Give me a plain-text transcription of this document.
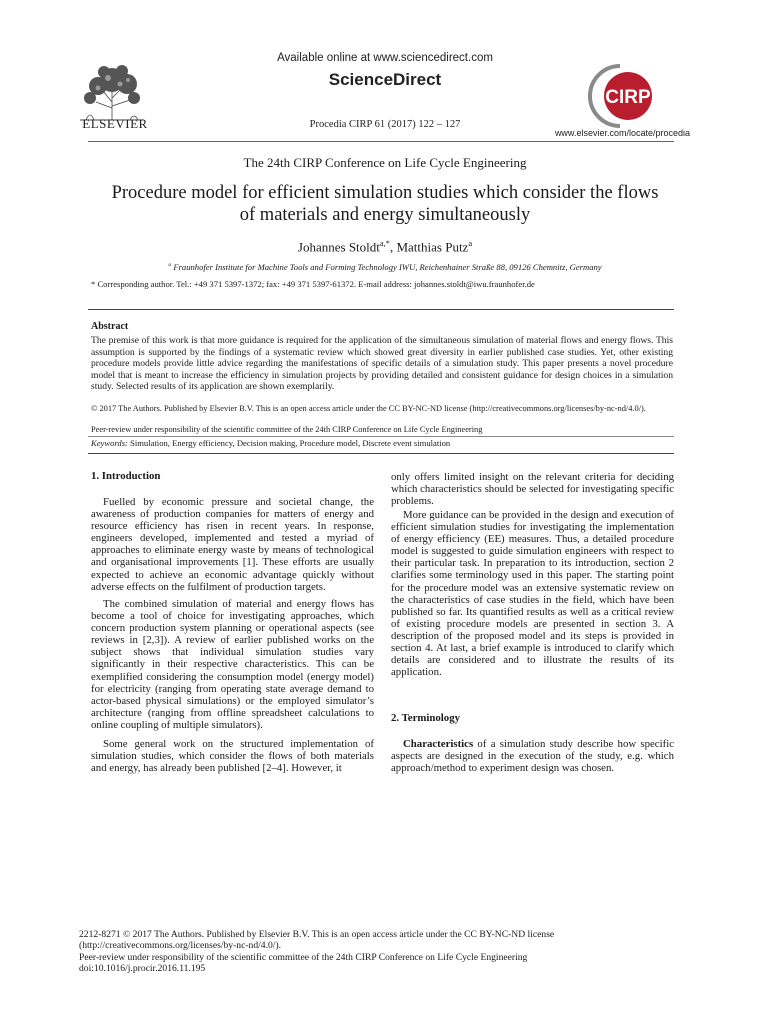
ELSEVIER
Available online at www.sciencedirect.com
ScienceDirect
Procedia CIRP 61 (2017) 122 – 127
CIRP
www.elsevier.com/locate/procedia
The 24th CIRP Conference on Life Cycle Engineering
Procedure model for efficient simulation studies which consider the flows
of materials and energy simultaneously
Johannes Stoldt$^{a,*}$, Matthias Putz$^a$
$^a$ Fraunhofer Institute for Machine Tools and Forming Technology IWU, Reichenhainer Straße 88, 09126 Chemnitz, Germany
* Corresponding author. Tel.: +49 371 5397-1372; fax: +49 371 5397-61372. E-mail address: johannes.stoldt@iwu.fraunhofer.de
Abstract
The premise of this work is that more guidance is required for the application of the simultaneous simulation of material flows and energy flows. This assumption is supported by the findings of a systematic review which showed great diversity in earlier published case studies. Yet, other existing procedure models provide little advice regarding the manifestations of specific details of a simulation study. This paper presents a novel procedure model that is meant to increase the efficiency in simulation projects by providing detailed and consistent guidance for design choices in a simulation study. Selected results of its application are shown exemplarily.
© 2017 The Authors. Published by Elsevier B.V. This is an open access article under the CC BY-NC-ND license (http://creativecommons.org/licenses/by-nc-nd/4.0/).
Peer-review under responsibility of the scientific committee of the 24th CIRP Conference on Life Cycle Engineering
Keywords: Simulation, Energy efficiency, Decision making, Procedure model, Discrete event simulation
1. Introduction
Fuelled by economic pressure and societal change, the awareness of production companies for matters of energy and resource efficiency has risen in recent years. In response, engineers developed, implemented and tested a myriad of approaches to eliminate energy waste by means of technological and organisational improvements [1]. These efforts are usually expected to achieve an economic advantage quickly without adverse effects on the fulfilment of production targets.
The combined simulation of material and energy flows has become a tool of choice for investigating approaches, which concern production system planning or operational aspects (see reviews in [2,3]). A review of earlier published works on the subject shows that individual simulation studies vary significantly in their respective characteristics. This can be exemplified considering the consumption model (energy model) for electricity (ranging from operating state average demand to actor-based physical simulations) or the employed simulator’s architecture (ranging from offline spreadsheet calculations to online coupling of multiple simulators).
Some general work on the structured implementation of simulation studies, which consider the flows of both materials and energy, has already been published [2–4]. However, it
only offers limited insight on the relevant criteria for deciding which characteristics should be selected for investigating specific problems.
More guidance can be provided in the design and execution of efficient simulation studies for investigating the implementation of energy efficiency (EE) measures. Thus, a detailed procedure model is suggested to guide simulation engineers with respect to their particular task. In preparation to its introduction, section 2 clarifies some terminology used in this paper. The starting point for the procedure model was an extensive systematic review on the characteristics of case studies in the field, which have been published so far. Its quantified results as well as a critical review of existing procedure models are presented in section 3. A description of the proposed model and its steps is provided in section 4. At last, a brief example is introduced to clarify which details are considered and to illustrate the results of its application.
2. Terminology
Characteristics of a simulation study describe how specific aspects are designed in the execution of the study, e.g. which approach/method to experiment design was chosen.
2212-8271 © 2017 The Authors. Published by Elsevier B.V. This is an open access article under the CC BY-NC-ND license
(http://creativecommons.org/licenses/by-nc-nd/4.0/).
Peer-review under responsibility of the scientific committee of the 24th CIRP Conference on Life Cycle Engineering
doi:10.1016/j.procir.2016.11.195
